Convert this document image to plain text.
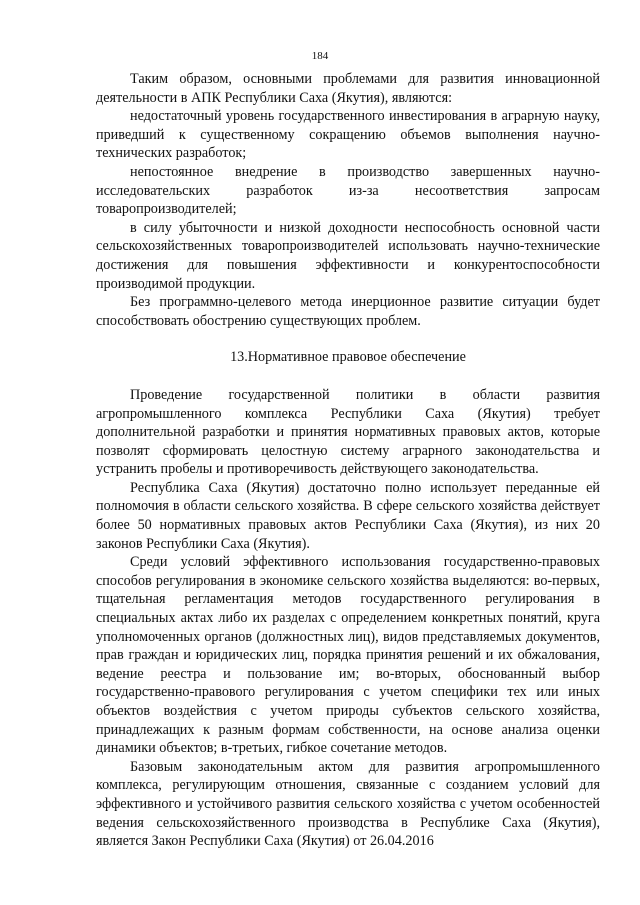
184

Таким образом, основными проблемами для развития инновационной деятельности в АПК Республики Саха (Якутия), являются:

недостаточный уровень государственного инвестирования в аграрную науку, приведший к существенному сокращению объемов выполнения научно-технических разработок;

непостоянное внедрение в производство завершенных научно-исследовательских разработок из-за несоответствия запросам товаропроизводителей;

в силу убыточности и низкой доходности неспособность основной части сельскохозяйственных товаропроизводителей использовать научно-технические достижения для повышения эффективности и конкурентоспособности производимой продукции.

Без программно-целевого метода инерционное развитие ситуации будет способствовать обострению существующих проблем.

13.Нормативное правовое обеспечение

Проведение государственной политики в области развития агропромышленного комплекса Республики Саха (Якутия) требует дополнительной разработки и принятия нормативных правовых актов, которые позволят сформировать целостную систему аграрного законодательства и устранить пробелы и противоречивость действующего законодательства.

Республика Саха (Якутия) достаточно полно использует переданные ей полномочия в области сельского хозяйства. В сфере сельского хозяйства действует более 50 нормативных правовых актов Республики Саха (Якутия), из них 20 законов Республики Саха (Якутия).

Среди условий эффективного использования государственно-правовых способов регулирования в экономике сельского хозяйства выделяются: во-первых, тщательная регламентация методов государственного регулирования в специальных актах либо их разделах с определением конкретных понятий, круга уполномоченных органов (должностных лиц), видов представляемых документов, прав граждан и юридических лиц, порядка принятия решений и их обжалования, ведение реестра и пользование им; во-вторых, обоснованный выбор государственно-правового регулирования с учетом специфики тех или иных объектов воздействия с учетом природы субъектов сельского хозяйства, принадлежащих к разным формам собственности, на основе анализа оценки динамики объектов; в-третьих, гибкое сочетание методов.

Базовым законодательным актом для развития агропромышленного комплекса, регулирующим отношения, связанные с созданием условий для эффективного и устойчивого развития сельского хозяйства с учетом особенностей ведения сельскохозяйственного производства в Республике Саха (Якутия), является Закон Республики Саха (Якутия) от 26.04.2016
